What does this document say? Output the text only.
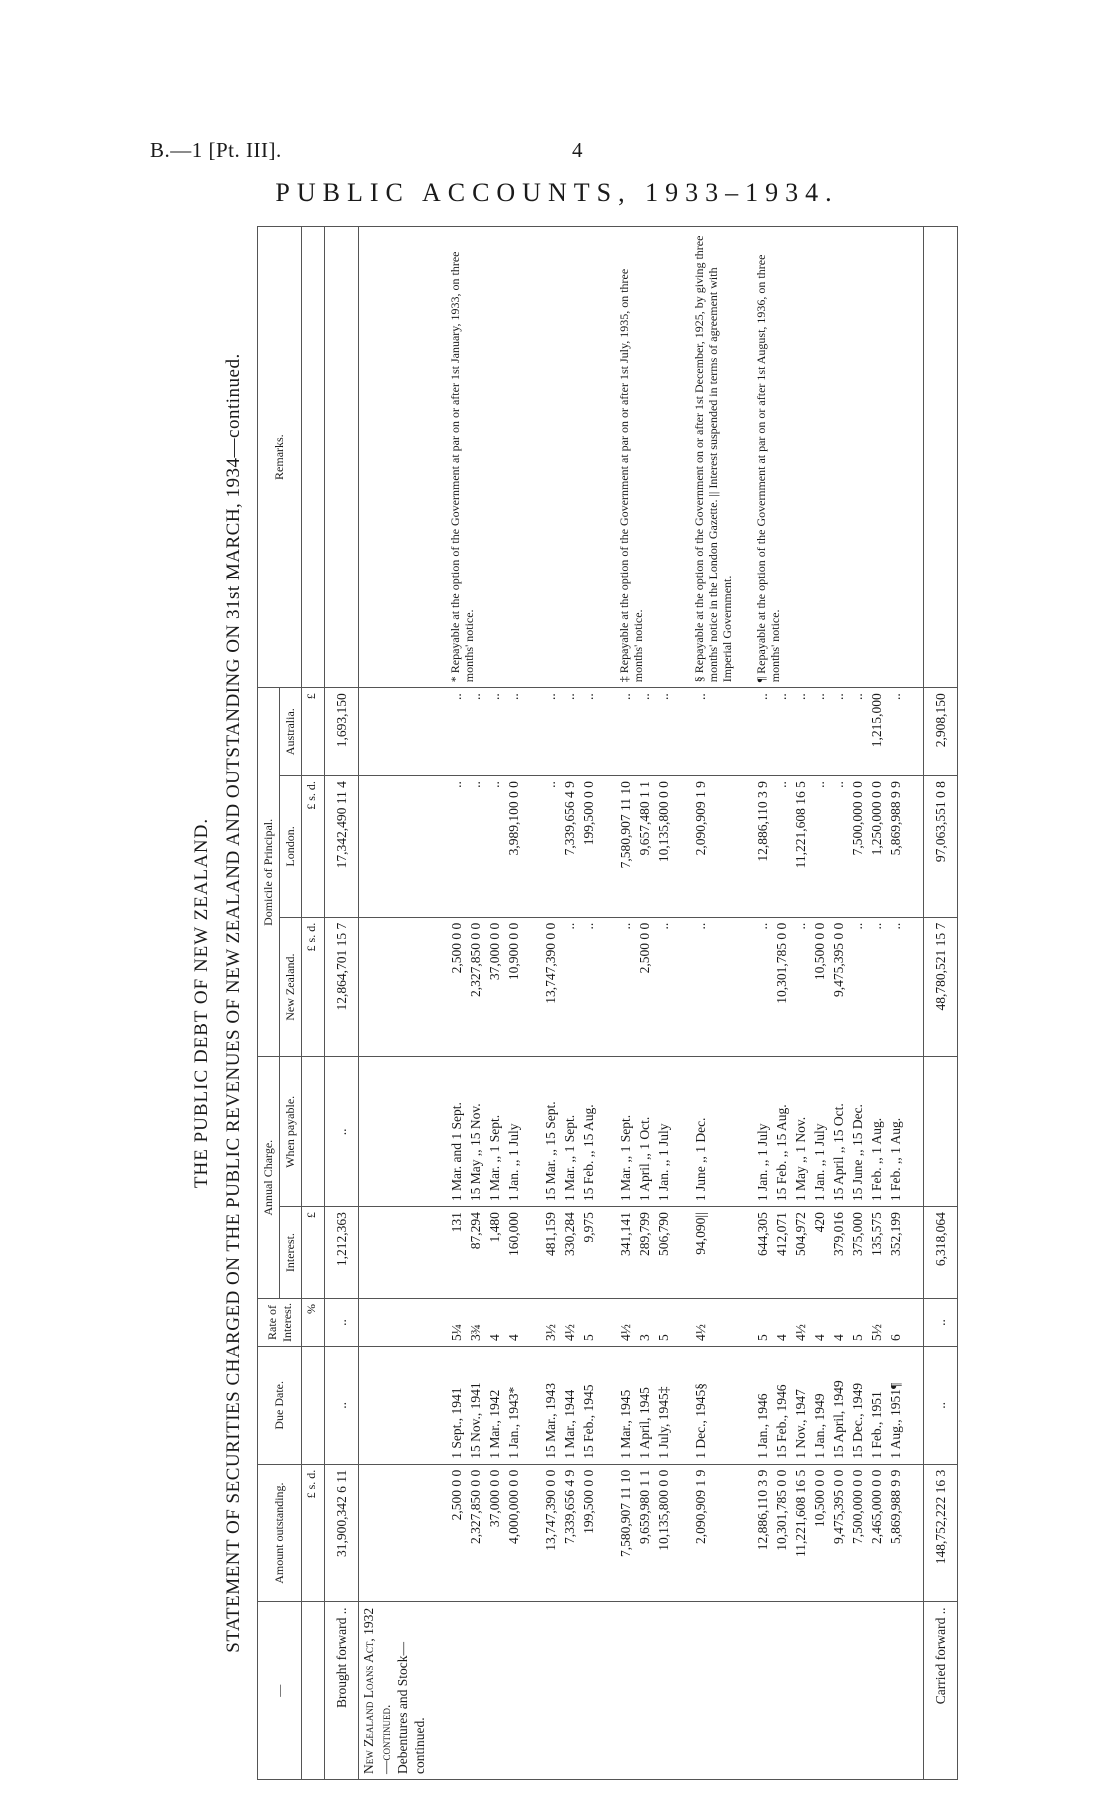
B.—1 [Pt. III].	4
PUBLIC ACCOUNTS, 1933–1934.

THE PUBLIC DEBT OF NEW ZEALAND. STATEMENT OF SECURITIES CHARGED ON THE PUBLIC REVENUES OF NEW ZEALAND AND OUTSTANDING ON 31st MARCH, 1934—continued.

—	Amount outstanding.	Due Date.	Rate of Interest.	Annual Charge.		Domicile of Principal.			Remarks.
				Interest.	When payable.	New Zealand.	London.	Australia.	
	£ s. d.		%	£		£ s. d.	£ s. d.	£	
Brought forward ..	31,900,342 6 11	..	..	1,212,363	..	12,864,701 15 7	17,342,490 11 4	1,693,150	

New Zealand Loans Act, 1932 —continued. Debentures and Stock—continued.									

	2,500 0 0	1 Sept., 1941	5¼	131	1 Mar. and 1 Sept.	2,500 0 0	..	..	* Repayable at the option of the Government at par on or after 1st January, 1933, on three months' notice.
	2,327,850 0 0	15 Nov., 1941	3¾	87,294	15 May ,, 15 Nov.	2,327,850 0 0	..	..	
	37,000 0 0	1 Mar., 1942	4	1,480	1 Mar. ,, 1 Sept.	37,000 0 0	..	..	
	4,000,000 0 0	1 Jan., 1943*	4	160,000	1 Jan. ,, 1 July	10,900 0 0	3,989,100 0 0	..	

	13,747,390 0 0	15 Mar., 1943	3½	481,159	15 Mar. ,, 15 Sept.	13,747,390 0 0	..	..	
	7,339,656 4 9	1 Mar., 1944	4½	330,284	1 Mar. ,, 1 Sept.	..	7,339,656 4 9	..	
	199,500 0 0	15 Feb., 1945	5	9,975	15 Feb. ,, 15 Aug.	..	199,500 0 0	..	

	7,580,907 11 10	1 Mar., 1945	4½	341,141	1 Mar. ,, 1 Sept.	..	7,580,907 11 10	..	‡ Repayable at the option of the Government at par on or after 1st July, 1935, on three months' notice.
	9,659,980 1 1	1 April, 1945	3	289,799	1 April ,, 1 Oct.	2,500 0 0	9,657,480 1 1	..	
	10,135,800 0 0	1 July, 1945‡	5	506,790	1 Jan. ,, 1 July	..	10,135,800 0 0	..	

	2,090,909 1 9	1 Dec., 1945§	4½	94,090||	1 June ,, 1 Dec.	..	2,090,909 1 9	..	§ Repayable at the option of the Government on or after 1st December, 1925, by giving three months' notice in the London Gazette. || Interest suspended in terms of agreement with Imperial Government.

	12,886,110 3 9	1 Jan., 1946	5	644,305	1 Jan. ,, 1 July	..	12,886,110 3 9	..	¶ Repayable at the option of the Government at par on or after 1st August, 1936, on three months' notice.
	10,301,785 0 0	15 Feb., 1946	4	412,071	15 Feb. ,, 15 Aug.	10,301,785 0 0	..	..	
	11,221,608 16 5	1 Nov., 1947	4½	504,972	1 May ,, 1 Nov.	..	11,221,608 16 5	..	
	10,500 0 0	1 Jan., 1949	4	420	1 Jan. ,, 1 July	10,500 0 0	..	..	
	9,475,395 0 0	15 April, 1949	4	379,016	15 April ,, 15 Oct.	9,475,395 0 0	..	..	
	7,500,000 0 0	15 Dec., 1949	5	375,000	15 June ,, 15 Dec.	..	7,500,000 0 0	..	
	2,465,000 0 0	1 Feb., 1951	5½	135,575	1 Feb. ,, 1 Aug.	..	1,250,000 0 0	1,215,000	
	5,869,988 9 9	1 Aug., 1951¶	6	352,199	1 Feb. ,, 1 Aug.	..	5,869,988 9 9	..	

Carried forward ..	148,752,222 16 3	..	..	6,318,064		48,780,521 15 7	97,063,551 0 8	2,908,150	
